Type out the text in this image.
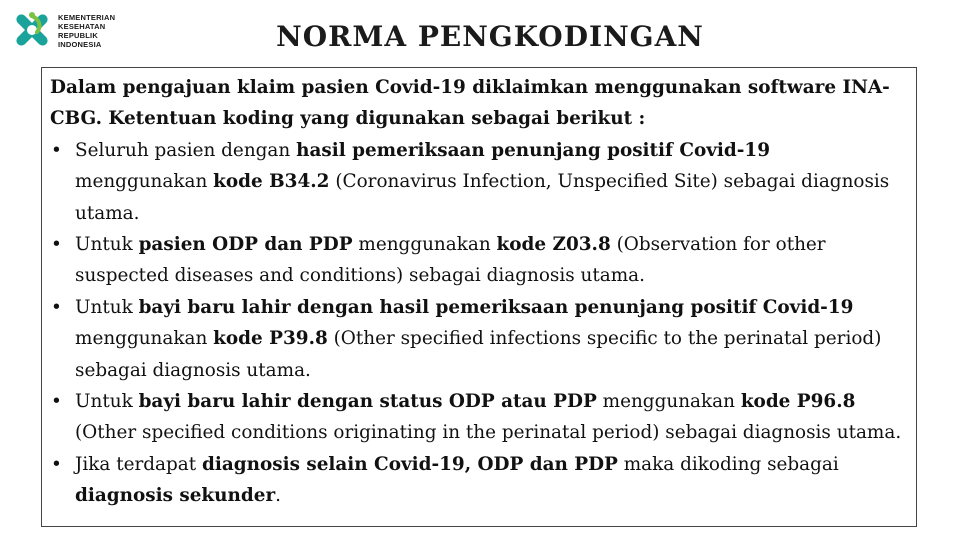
KEMENTERIAN
KESEHATAN
REPUBLIK
INDONESIA	NORMA PENGKODINGAN
Dalam pengajuan klaim pasien Covid-19 diklaimkan menggunakan software INA-CBG. Ketentuan koding yang digunakan sebagai berikut :
• Seluruh pasien dengan hasil pemeriksaan penunjang positif Covid-19 menggunakan kode B34.2 (Coronavirus Infection, Unspecified Site) sebagai diagnosis utama.
• Untuk pasien ODP dan PDP menggunakan kode Z03.8 (Observation for other suspected diseases and conditions) sebagai diagnosis utama.
• Untuk bayi baru lahir dengan hasil pemeriksaan penunjang positif Covid-19 menggunakan kode P39.8 (Other specified infections specific to the perinatal period) sebagai diagnosis utama.
• Untuk bayi baru lahir dengan status ODP atau PDP menggunakan kode P96.8 (Other specified conditions originating in the perinatal period) sebagai diagnosis utama.
• Jika terdapat diagnosis selain Covid-19, ODP dan PDP maka dikoding sebagai diagnosis sekunder.
